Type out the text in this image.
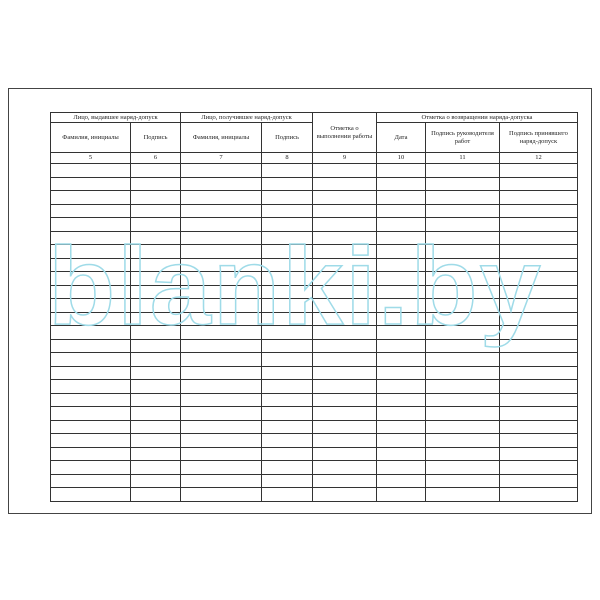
Лицо, выдавшее наряд-допуск		Лицо, получившее наряд-допуск		Отметка о выполнении работы	Отметка о возвращении наряда-допуска		
Фамилия, инициалы	Подпись	Фамилия, инициалы	Подпись		Дата	Подпись руководителя работ	Подпись принявшего наряд-допуск
5	6	7	8	9	10	11	12
